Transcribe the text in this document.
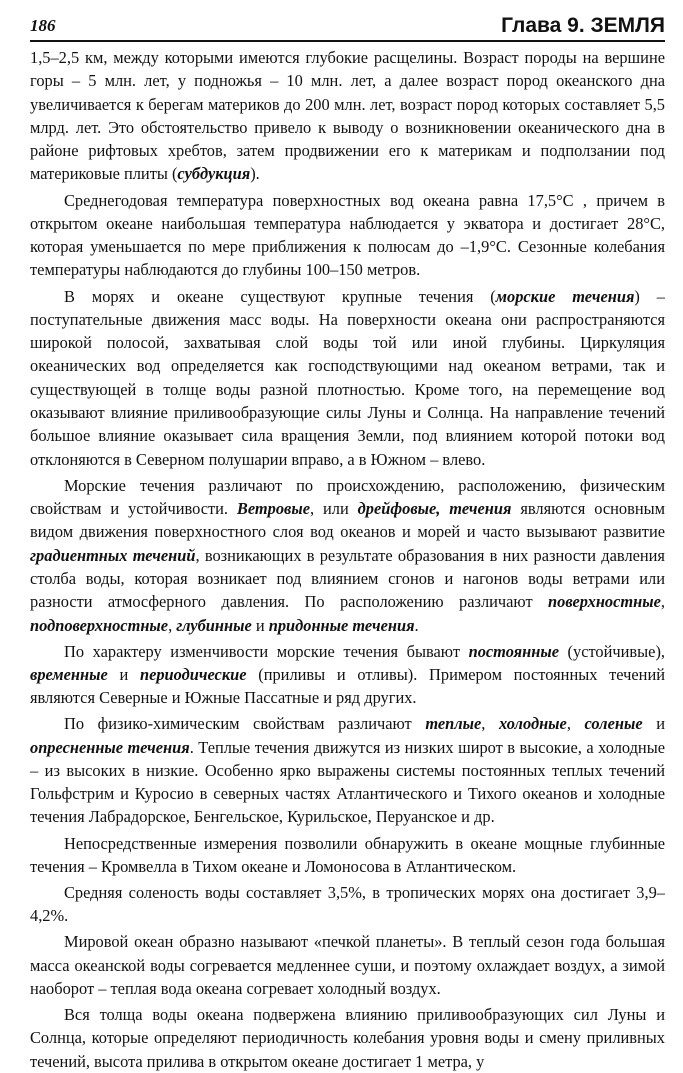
186	Глава 9. ЗЕМЛЯ

1,5–2,5 км, между которыми имеются глубокие расщелины. Возраст породы на вершине горы – 5 млн. лет, у подножья – 10 млн. лет, а далее возраст пород океанского дна увеличивается к берегам материков до 200 млн. лет, возраст пород которых составляет 5,5 млрд. лет. Это обстоятельство привело к выводу о возникновении океанического дна в районе рифтовых хребтов, затем продвижении его к материкам и подползании под материковые плиты (субдукция).

Среднегодовая температура поверхностных вод океана равна 17,5°С , причем в открытом океане наибольшая температура наблюдается у экватора и достигает 28°С, которая уменьшается по мере приближения к полюсам до –1,9°С. Сезонные колебания температуры наблюдаются до глубины 100–150 метров.

В морях и океане существуют крупные течения (морские течения) – поступательные движения масс воды. На поверхности океана они распространяются широкой полосой, захватывая слой воды той или иной глубины. Циркуляция океанических вод определяется как господствующими над океаном ветрами, так и существующей в толще воды разной плотностью. Кроме того, на перемещение вод оказывают влияние приливообразующие силы Луны и Солнца. На направление течений большое влияние оказывает сила вращения Земли, под влиянием которой потоки вод отклоняются в Северном полушарии вправо, а в Южном – влево.

Морские течения различают по происхождению, расположению, физическим свойствам и устойчивости. Ветровые, или дрейфовые, течения являются основным видом движения поверхностного слоя вод океанов и морей и часто вызывают развитие градиентных течений, возникающих в результате образования в них разности давления столба воды, которая возникает под влиянием сгонов и нагонов воды ветрами или разности атмосферного давления. По расположению различают поверхностные, подповерхностные, глубинные и придонные течения.

По характеру изменчивости морские течения бывают постоянные (устойчивые), временные и периодические (приливы и отливы). Примером постоянных течений являются Северные и Южные Пассатные и ряд других.

По физико-химическим свойствам различают теплые, холодные, соленые и опресненные течения. Теплые течения движутся из низких широт в высокие, а холодные – из высоких в низкие. Особенно ярко выражены системы постоянных теплых течений Гольфстрим и Куросио в северных частях Атлантического и Тихого океанов и холодные течения Лабрадорское, Бенгельское, Курильское, Перуанское и др.

Непосредственные измерения позволили обнаружить в океане мощные глубинные течения – Кромвелла в Тихом океане и Ломоносова в Атлантическом.

Средняя соленость воды составляет 3,5%, в тропических морях она достигает 3,9–4,2%.

Мировой океан образно называют «печкой планеты». В теплый сезон года большая масса океанской воды согревается медленнее суши, и поэтому охлаждает воздух, а зимой наоборот – теплая вода океана согревает холодный воздух.

Вся толща воды океана подвержена влиянию приливообразующих сил Луны и Солнца, которые определяют периодичность колебания уровня воды и смену приливных течений, высота прилива в открытом океане достигает 1 метра, у
